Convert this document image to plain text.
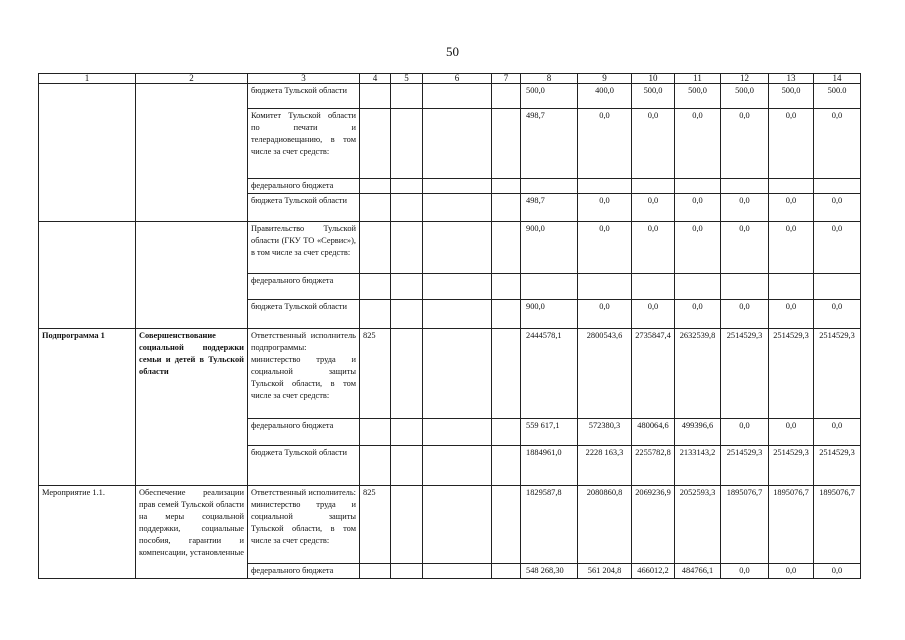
50
1	2	3	4	5	6	7	8	9	10	11	12	13	14
		бюджета Тульской области					500,0	400,0	500,0	500,0	500,0	500,0	500.0
		Комитет Тульской области по печати и телерадиовещанию, в том числе за счет средств:					498,7	0,0	0,0	0,0	0,0	0,0	0,0
		федерального бюджета											
		бюджета Тульской области					498,7	0,0	0,0	0,0	0,0	0,0	0,0
		Правительство Тульской области (ГКУ ТО «Сервис»), в том числе за счет средств:					900,0	0,0	0,0	0,0	0,0	0,0	0,0
		федерального бюджета											
		бюджета Тульской области					900,0	0,0	0,0	0,0	0,0	0,0	0,0
Подпрограмма 1	Совершенствование социальной поддержки семьи и детей в Тульской области	Ответственный исполнитель подпрограммы: министерство труда и социальной защиты Тульской области, в том числе за счет средств:	825				2444578,1	2800543,6	2735847,4	2632539,8	2514529,3	2514529,3	2514529,3
		федерального бюджета					559 617,1	572380,3	480064,6	499396,6	0,0	0,0	0,0
		бюджета Тульской области					1884961,0	2228 163,3	2255782,8	2133143,2	2514529,3	2514529,3	2514529,3
Мероприятие 1.1.	Обеспечение реализации прав семей Тульской области на меры социальной поддержки, социальные пособия, гарантии и компенсации, установленные	Ответственный исполнитель: министерство труда и социальной защиты Тульской области, в том числе за счет средств:	825				1829587,8	2080860,8	2069236,9	2052593,3	1895076,7	1895076,7	1895076,7
		федерального бюджета					548 268,30	561 204,8	466012,2	484766,1	0,0	0,0	0,0
